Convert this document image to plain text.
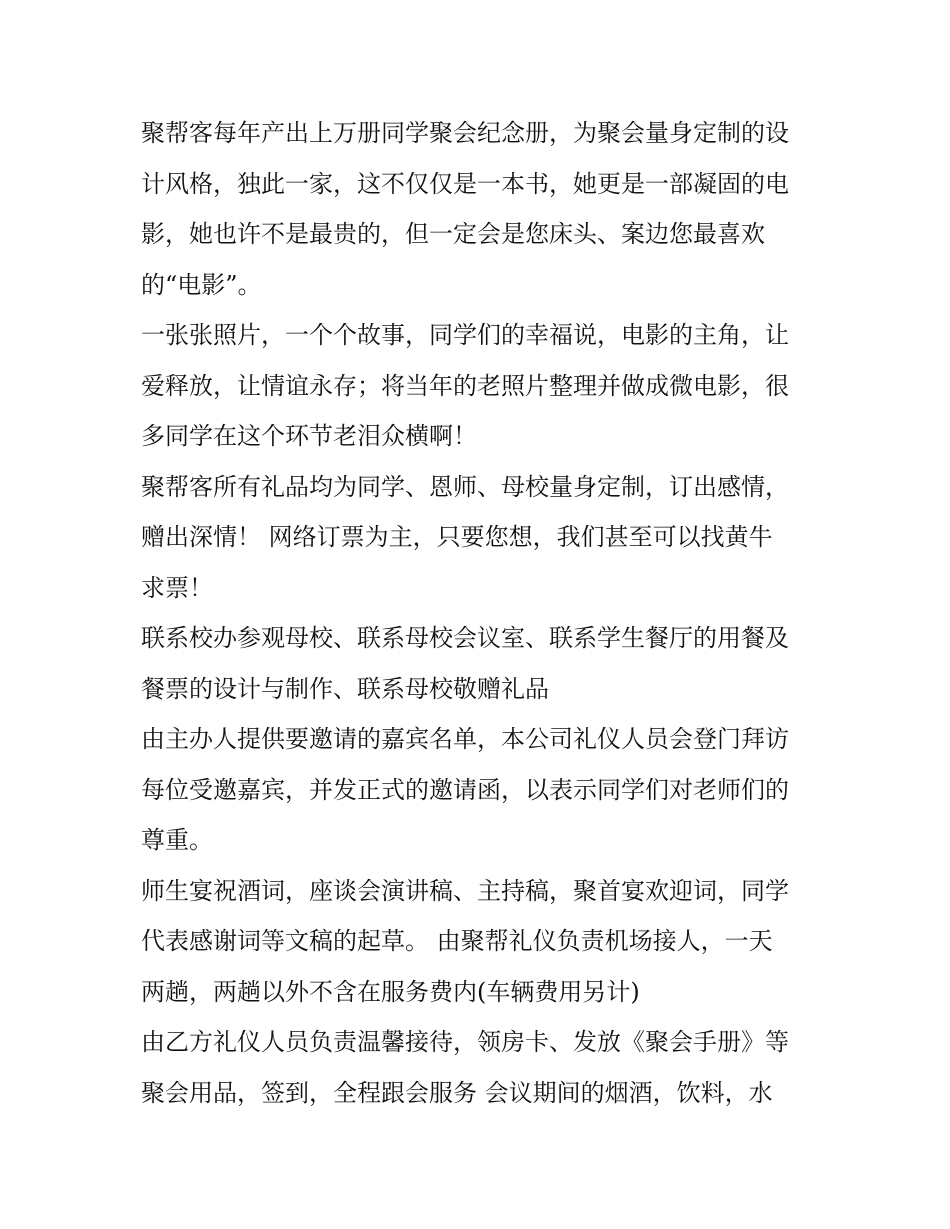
聚帮客每年产出上万册同学聚会纪念册，为聚会量身定制的设
计风格，独此一家，这不仅仅是一本书，她更是一部凝固的电
影，她也许不是最贵的，但一定会是您床头、案边您最喜欢
的“电影”。

一张张照片，一个个故事，同学们的幸福说，电影的主角，让
爱释放，让情谊永存；将当年的老照片整理并做成微电影，很
多同学在这个环节老泪众横啊！

聚帮客所有礼品均为同学、恩师、母校量身定制，订出感情，
赠出深情！ 网络订票为主，只要您想，我们甚至可以找黄牛
求票！

联系校办参观母校、联系母校会议室、联系学生餐厅的用餐及
餐票的设计与制作、联系母校敬赠礼品

由主办人提供要邀请的嘉宾名单，本公司礼仪人员会登门拜访
每位受邀嘉宾，并发正式的邀请函，以表示同学们对老师们的
尊重。

师生宴祝酒词，座谈会演讲稿、主持稿，聚首宴欢迎词，同学
代表感谢词等文稿的起草。 由聚帮礼仪负责机场接人，一天
两趟，两趟以外不含在服务费内(车辆费用另计)

由乙方礼仪人员负责温馨接待，领房卡、发放《聚会手册》等
聚会用品，签到，全程跟会服务 会议期间的烟酒，饮料，水
